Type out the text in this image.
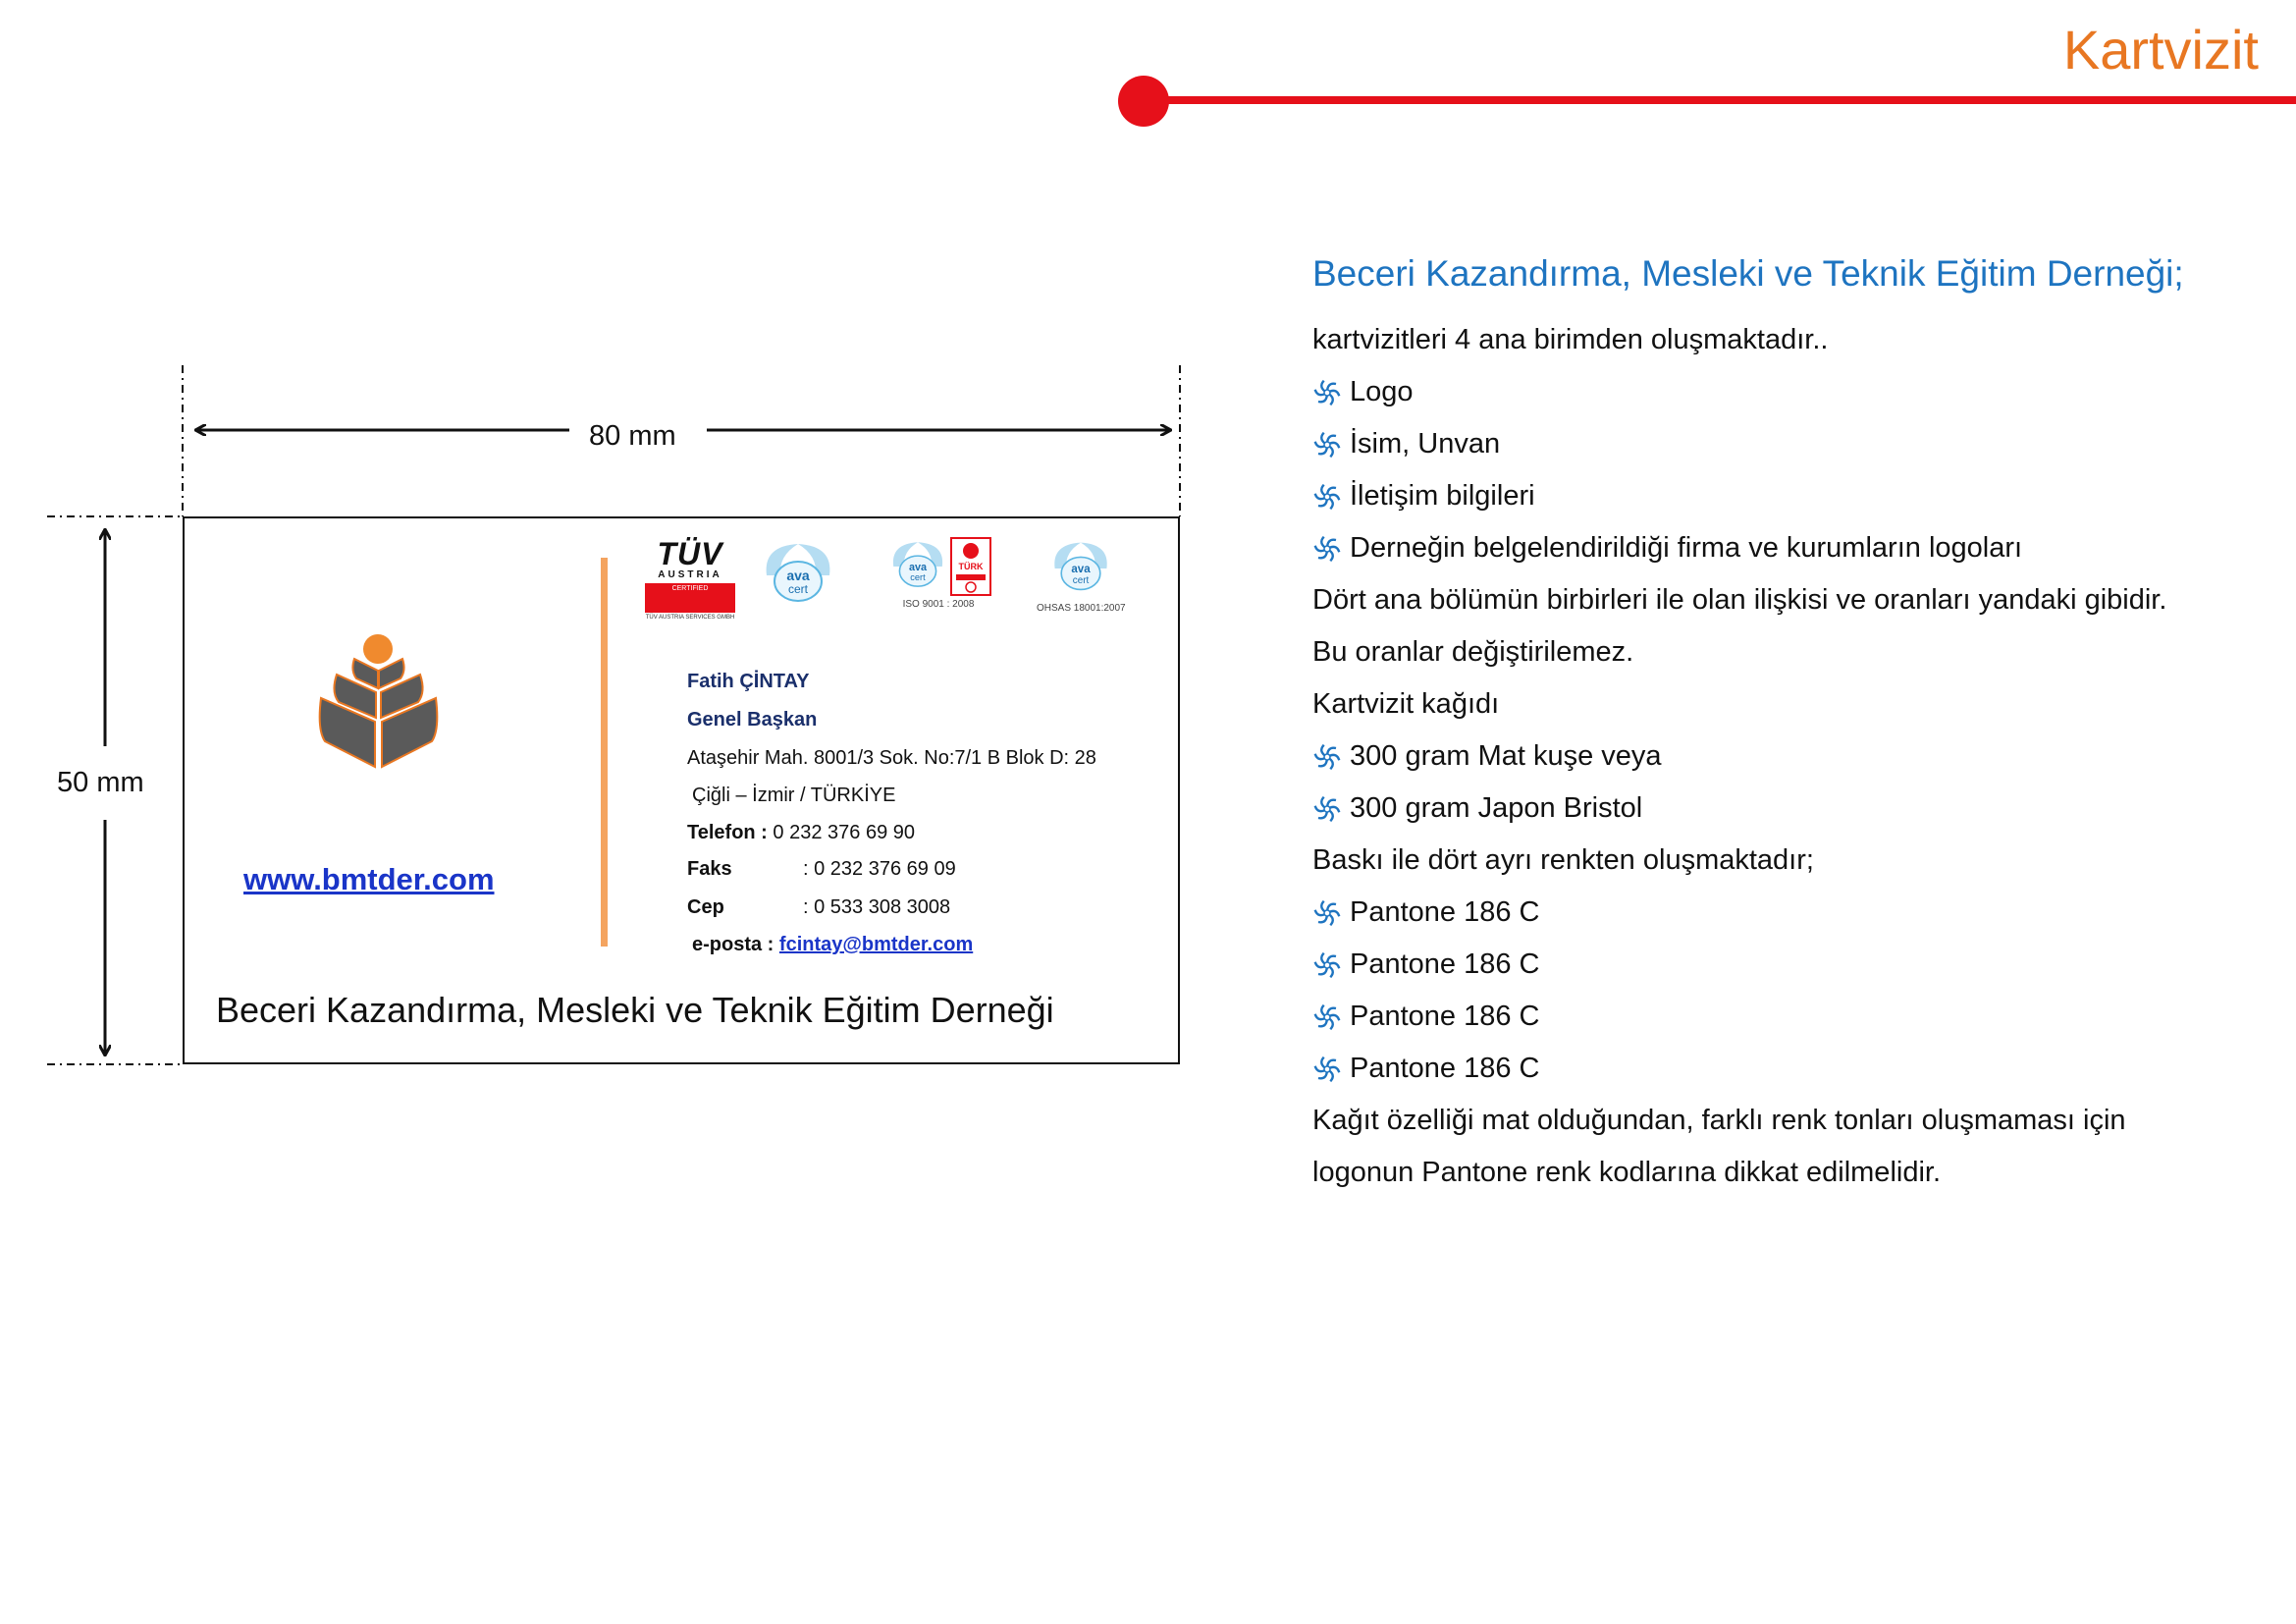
Kartvizit
80 mm
50 mm
www.bmtder.com
TÜV
AUSTRIA
CERTIFIED
TÜV AUSTRIA SERVICES GMBH
ava
cert
ava
cert
TÜRK
ISO 9001 : 2008
ava
cert
OHSAS 18001:2007
Fatih ÇİNTAY
Genel Başkan
Ataşehir Mah. 8001/3 Sok. No:7/1 B Blok D: 28
Çiğli – İzmir / TÜRKİYE
Telefon : 0 232 376 69 90
Faks	: 0 232 376 69 09
Cep	: 0 533 308 3008
e-posta : fcintay@bmtder.com
Beceri Kazandırma, Mesleki ve Teknik Eğitim Derneği
Beceri Kazandırma, Mesleki ve Teknik Eğitim Derneği;
kartvizitleri 4 ana birimden oluşmaktadır..
Logo
İsim, Unvan
İletişim bilgileri
Derneğin belgelendirildiği firma ve kurumların logoları
Dört ana bölümün birbirleri ile olan ilişkisi ve oranları yandaki gibidir.
Bu oranlar değiştirilemez.
Kartvizit kağıdı
300 gram Mat kuşe veya
300 gram Japon Bristol
Baskı ile dört ayrı renkten oluşmaktadır;
Pantone 186 C
Pantone 186 C
Pantone 186 C
Pantone 186 C
Kağıt özelliği mat olduğundan, farklı renk tonları oluşmaması için
logonun Pantone renk kodlarına dikkat edilmelidir.
